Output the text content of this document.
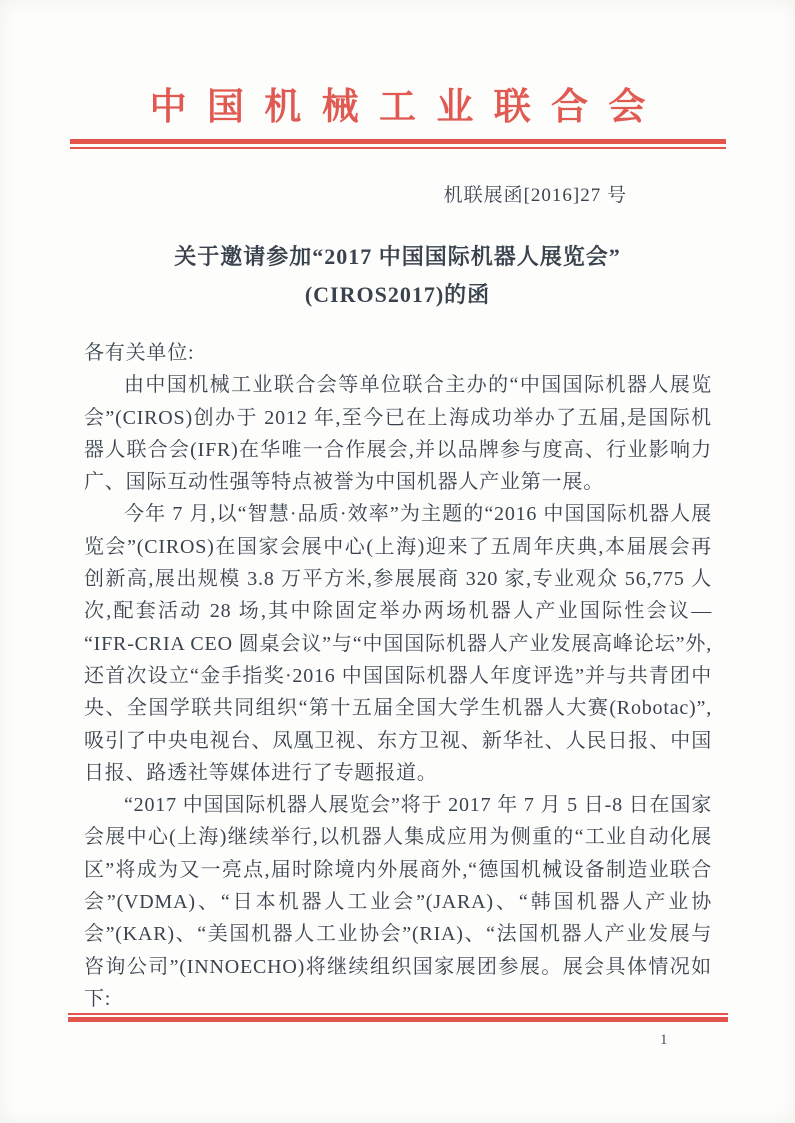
中国机械工业联合会
机联展函[2016]27 号
关于邀请参加“2017 中国国际机器人展览会”
(CIROS2017)的函

各有关单位:

由中国机械工业联合会等单位联合主办的“中国国际机器人展览会”(CIROS)创办于 2012 年,至今已在上海成功举办了五届,是国际机器人联合会(IFR)在华唯一合作展会,并以品牌参与度高、行业影响力广、国际互动性强等特点被誉为中国机器人产业第一展。

今年 7 月,以“智慧·品质·效率”为主题的“2016 中国国际机器人展览会”(CIROS)在国家会展中心(上海)迎来了五周年庆典,本届展会再创新高,展出规模 3.8 万平方米,参展展商 320 家,专业观众 56,775 人次,配套活动 28 场,其中除固定举办两场机器人产业国际性会议— “IFR-CRIA CEO 圆桌会议”与“中国国际机器人产业发展高峰论坛”外,还首次设立“金手指奖·2016 中国国际机器人年度评选”并与共青团中央、全国学联共同组织“第十五届全国大学生机器人大赛(Robotac)”,吸引了中央电视台、凤凰卫视、东方卫视、新华社、人民日报、中国日报、路透社等媒体进行了专题报道。

“2017 中国国际机器人展览会”将于 2017 年 7 月 5 日-8 日在国家会展中心(上海)继续举行,以机器人集成应用为侧重的“工业自动化展区”将成为又一亮点,届时除境内外展商外,“德国机械设备制造业联合会”(VDMA)、“日本机器人工业会”(JARA)、“韩国机器人产业协会”(KAR)、“美国机器人工业协会”(RIA)、“法国机器人产业发展与咨询公司”(INNOECHO)将继续组织国家展团参展。展会具体情况如下:

1
